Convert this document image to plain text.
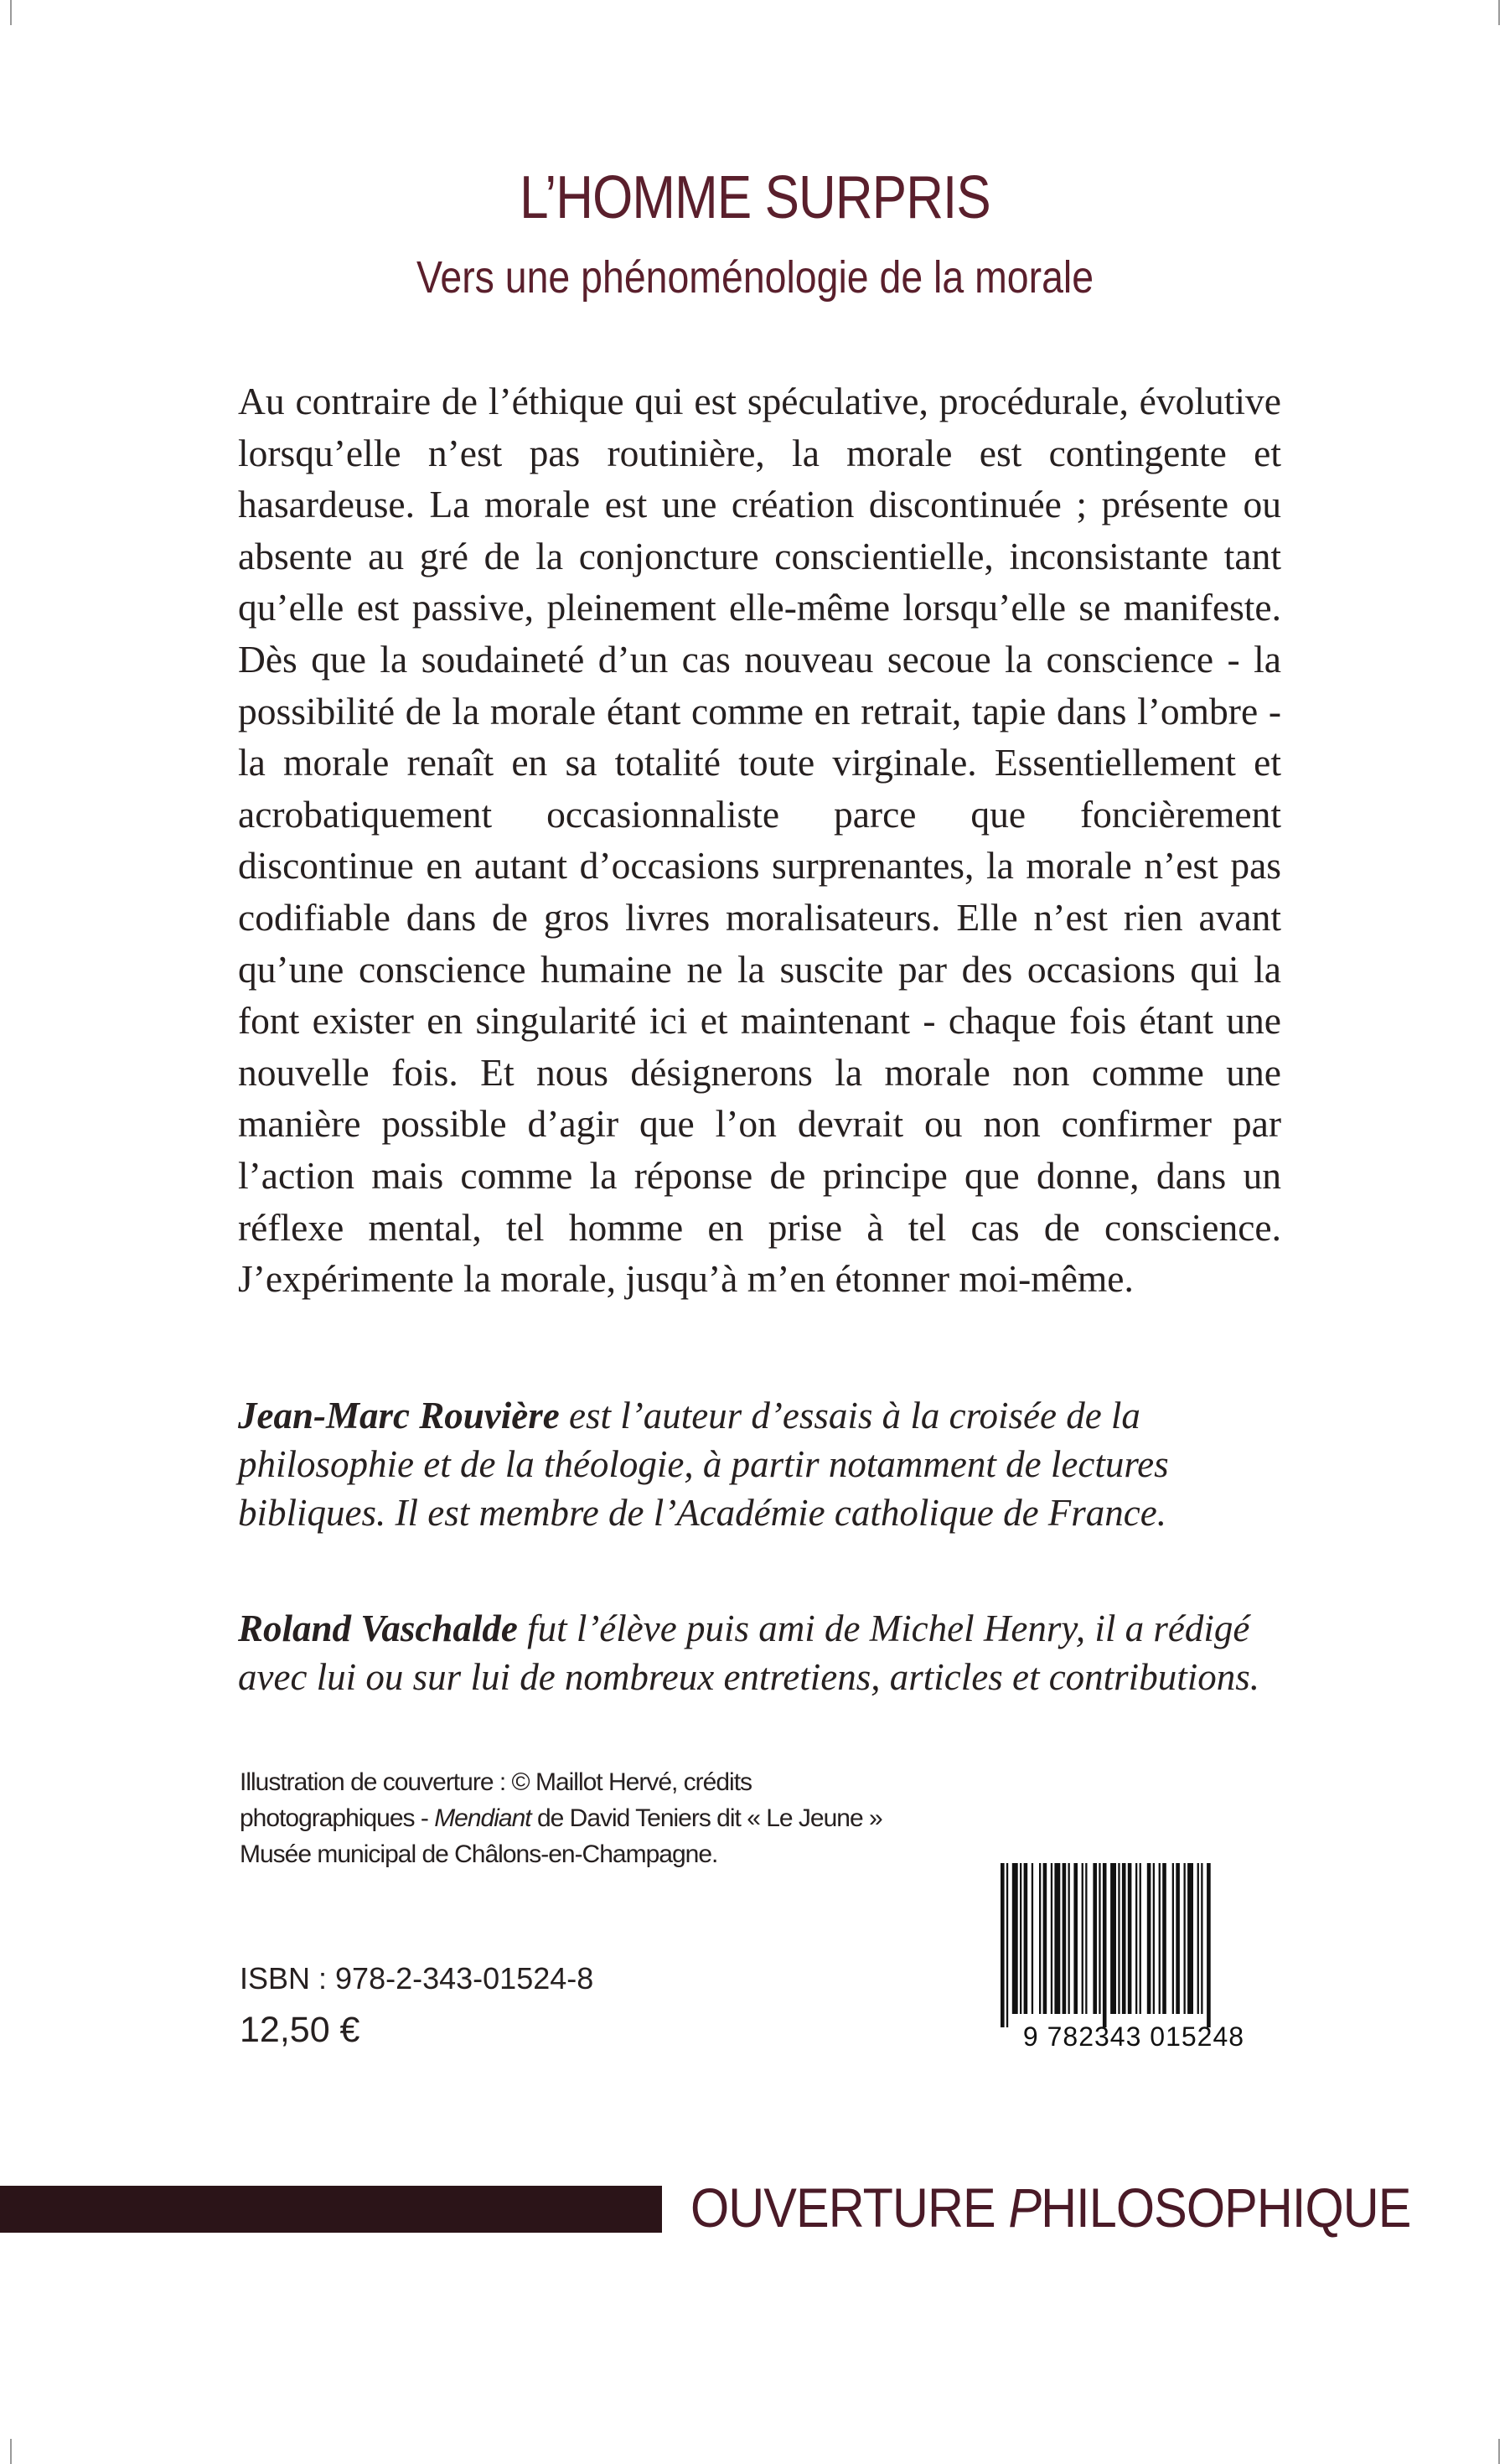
L’HOMME SURPRIS
Vers une phénoménologie de la morale
Au contraire de l’éthique qui est spéculative, procédurale, évolutive lorsqu’elle n’est pas routinière, la morale est contingente et hasardeuse. La morale est une création discontinuée ; présente ou absente au gré de la conjoncture conscientielle, inconsistante tant qu’elle est passive, pleinement elle-même lorsqu’elle se manifeste. Dès que la soudaineté d’un cas nouveau secoue la conscience - la possibilité de la morale étant comme en retrait, tapie dans l’ombre - la morale renaît en sa totalité toute virginale. Essentiellement et acrobatiquement occasionnaliste parce que foncièrement discontinue en autant d’occasions surprenantes, la morale n’est pas codifiable dans de gros livres moralisateurs. Elle n’est rien avant qu’une conscience humaine ne la suscite par des occasions qui la font exister en singularité ici et maintenant - chaque fois étant une nouvelle fois. Et nous désignerons la morale non comme une manière possible d’agir que l’on devrait ou non confirmer par l’action mais comme la réponse de principe que donne, dans un réflexe mental, tel homme en prise à tel cas de conscience. J’expérimente la morale, jusqu’à m’en étonner moi-même.
Jean-Marc Rouvière est l’auteur d’essais à la croisée de la philosophie et de la théologie, à partir notamment de lectures bibliques. Il est membre de l’Académie catholique de France.
Roland Vaschalde fut l’élève puis ami de Michel Henry, il a rédigé avec lui ou sur lui de nombreux entretiens, articles et contributions.
Illustration de couverture : © Maillot Hervé, crédits
photographiques - Mendiant de David Teniers dit « Le Jeune »
Musée municipal de Châlons-en-Champagne.
ISBN : 978-2-343-01524-8
12,50 €	9 782343 015248
OUVERTURE PHILOSOPHIQUE
